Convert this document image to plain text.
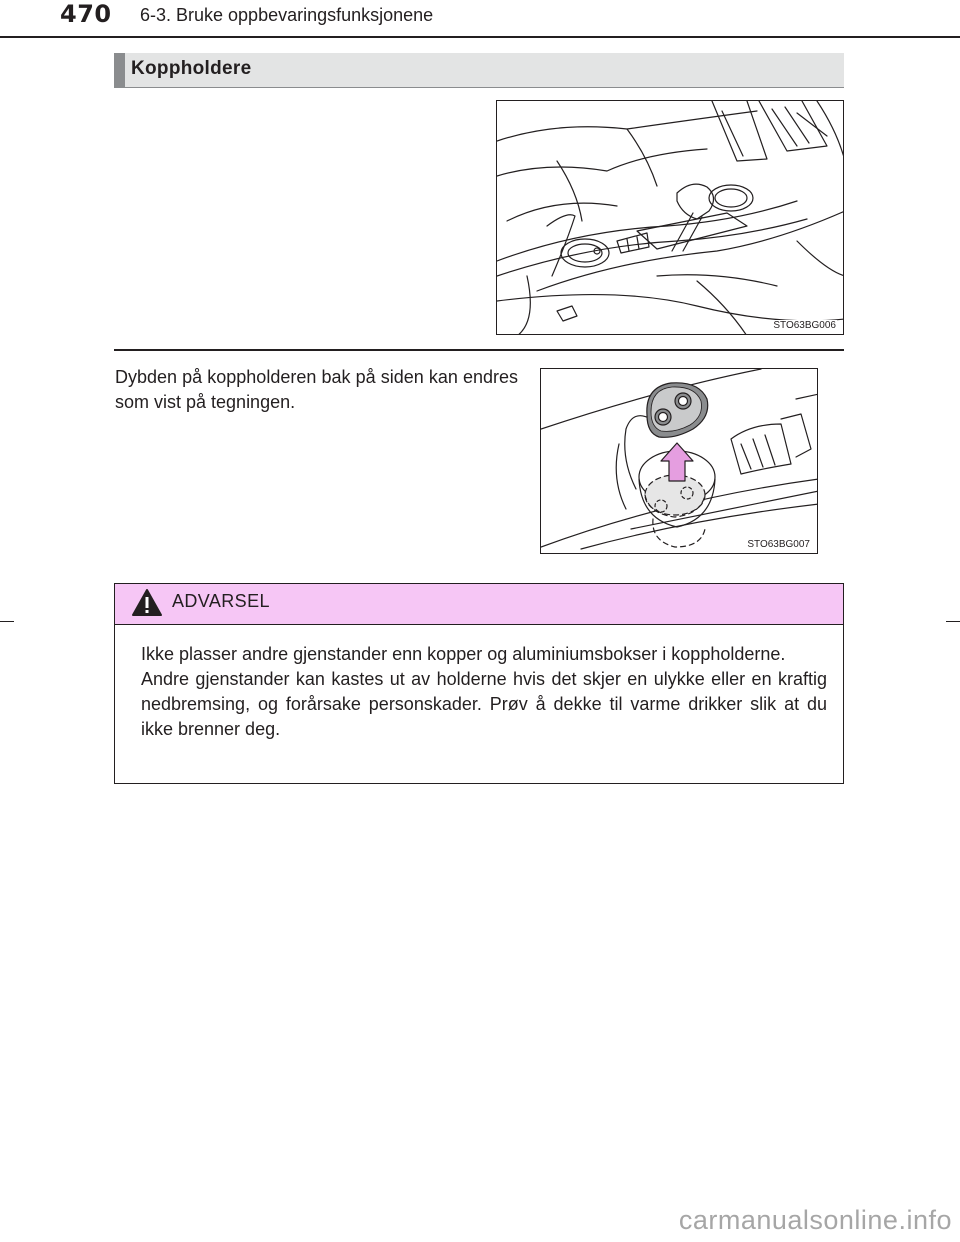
470 6-3. Bruke oppbevaringsfunksjonene
Koppholdere
STO63BG006
Dybden på koppholderen bak på siden kan endres som vist på tegningen.
STO63BG007
ADVARSEL

Ikke plasser andre gjenstander enn kopper og aluminiumsbokser i koppholderne.

Andre gjenstander kan kastes ut av holderne hvis det skjer en ulykke eller en kraftig nedbremsing, og forårsake personskader. Prøv å dekke til varme drikker slik at du ikke brenner deg.

carmanualsonline.info
